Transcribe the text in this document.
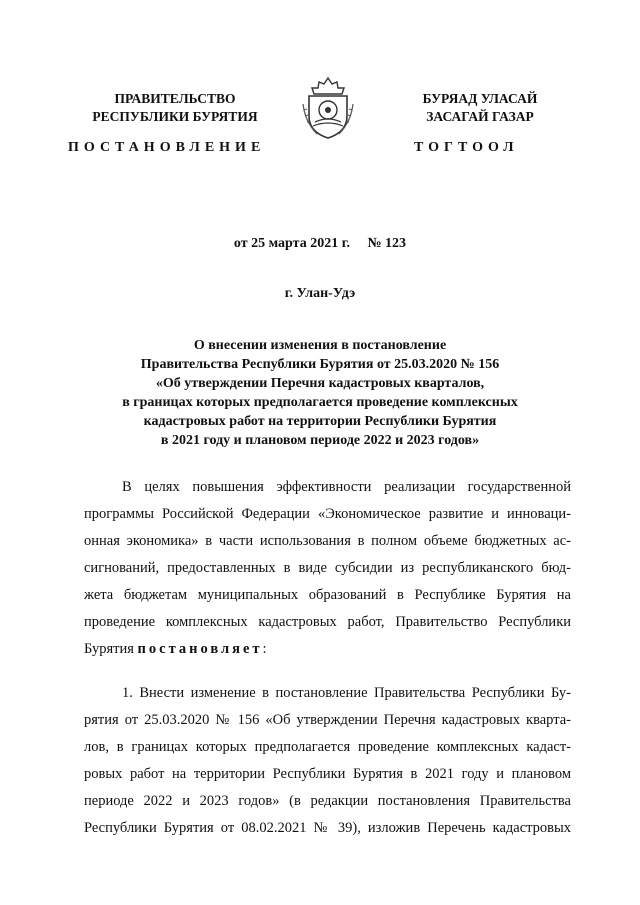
ПРАВИТЕЛЬСТВО
РЕСПУБЛИКИ БУРЯТИЯ
БУРЯАД УЛАСАЙ
ЗАСАГАЙ ГАЗАР
ПОСТАНОВЛЕНИЕ	ТОГТООЛ
от 25 марта 2021 г. № 123
г. Улан-Удэ
О внесении изменения в постановление
Правительства Республики Бурятия от 25.03.2020 № 156
«Об утверждении Перечня кадастровых кварталов,
в границах которых предполагается проведение комплексных
кадастровых работ на территории Республики Бурятия
в 2021 году и плановом периоде 2022 и 2023 годов»
В целях повышения эффективности реализации государственной
программы Российской Федерации «Экономическое развитие и инноваци-
онная экономика» в части использования в полном объеме бюджетных ас-
сигнований, предоставленных в виде субсидии из республиканского бюд-
жета бюджетам муниципальных образований в Республике Бурятия на
проведение комплексных кадастровых работ, Правительство Республики
Бурятия постановляет:
1. Внести изменение в постановление Правительства Республики Бу-
рятия от 25.03.2020 № 156 «Об утверждении Перечня кадастровых кварта-
лов, в границах которых предполагается проведение комплексных кадаст-
ровых работ на территории Республики Бурятия в 2021 году и плановом
периоде 2022 и 2023 годов» (в редакции постановления Правительства
Республики Бурятия от 08.02.2021 № 39), изложив Перечень кадастровых
